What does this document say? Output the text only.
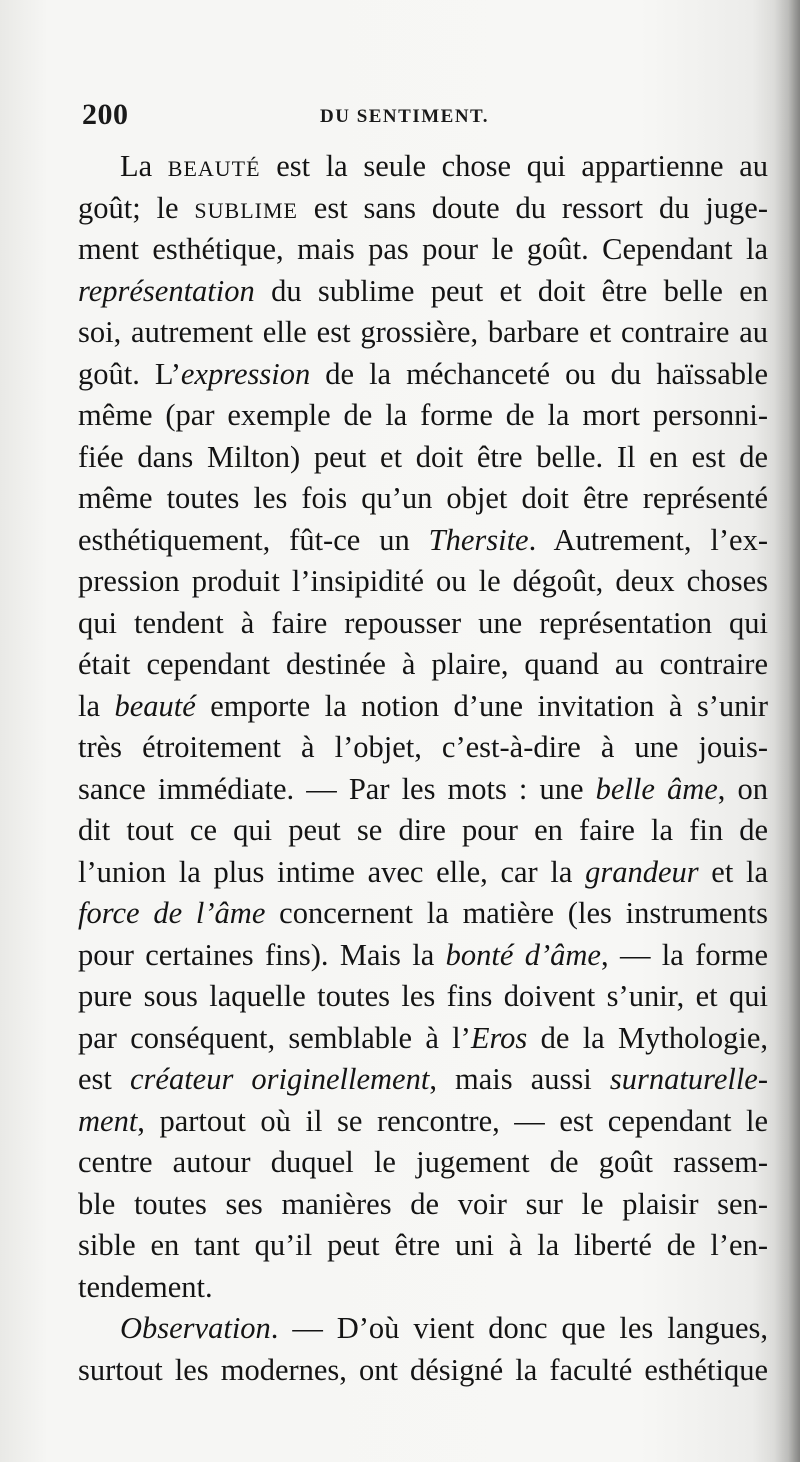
200	DU SENTIMENT.
La BEAUTÉ est la seule chose qui appartienne au
goût; le SUBLIME est sans doute du ressort du juge-
ment esthétique, mais pas pour le goût. Cependant la
représentation du sublime peut et doit être belle en
soi, autrement elle est grossière, barbare et contraire au
goût. L’expression de la méchanceté ou du haïssable
même (par exemple de la forme de la mort personni-
fiée dans Milton) peut et doit être belle. Il en est de
même toutes les fois qu’un objet doit être représenté
esthétiquement, fût-ce un Thersite. Autrement, l’ex-
pression produit l’insipidité ou le dégoût, deux choses
qui tendent à faire repousser une représentation qui
était cependant destinée à plaire, quand au contraire
la beauté emporte la notion d’une invitation à s’unir
très étroitement à l’objet, c’est-à-dire à une jouis-
sance immédiate. — Par les mots : une belle âme, on
dit tout ce qui peut se dire pour en faire la fin de
l’union la plus intime avec elle, car la grandeur et la
force de l’âme concernent la matière (les instruments
pour certaines fins). Mais la bonté d’âme, — la forme
pure sous laquelle toutes les fins doivent s’unir, et qui
par conséquent, semblable à l’Eros de la Mythologie,
est créateur originellement, mais aussi surnaturelle-
ment, partout où il se rencontre, — est cependant le
centre autour duquel le jugement de goût rassem-
ble toutes ses manières de voir sur le plaisir sen-
sible en tant qu’il peut être uni à la liberté de l’en-
tendement.
Observation. — D’où vient donc que les langues,
surtout les modernes, ont désigné la faculté esthétique
